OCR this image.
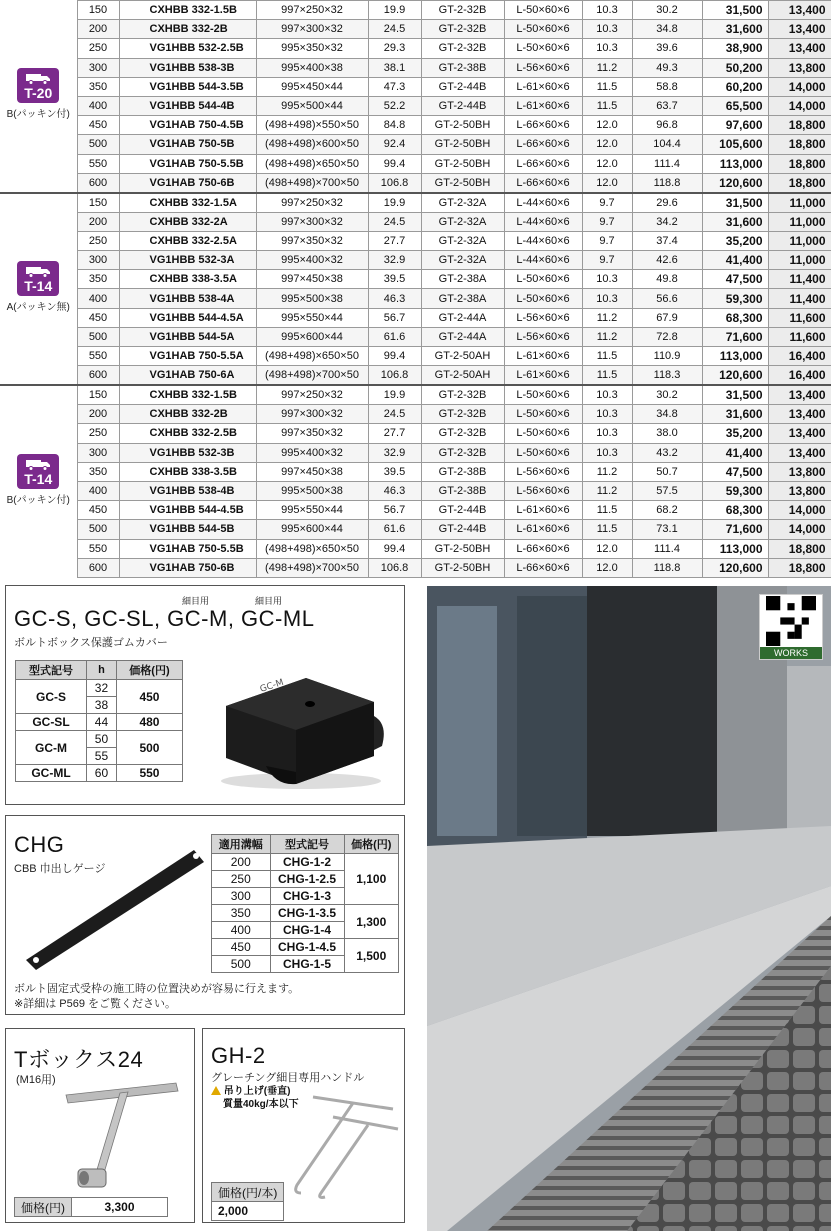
T-20
B(パッキン付)	150	CXHBB 332-1.5B	997×250×32	19.9	GT-2-32B	L-50×60×6	10.3	30.2	31,500	13,400
	200	CXHBB 332-2B	997×300×32	24.5	GT-2-32B	L-50×60×6	10.3	34.8	31,600	13,400
	250	VG1HBB 532-2.5B	995×350×32	29.3	GT-2-32B	L-50×60×6	10.3	39.6	38,900	13,400
	300	VG1HBB 538-3B	995×400×38	38.1	GT-2-38B	L-56×60×6	11.2	49.3	50,200	13,800
	350	VG1HBB 544-3.5B	995×450×44	47.3	GT-2-44B	L-61×60×6	11.5	58.8	60,200	14,000
	400	VG1HBB 544-4B	995×500×44	52.2	GT-2-44B	L-61×60×6	11.5	63.7	65,500	14,000
	450	VG1HAB 750-4.5B	(498+498)×550×50	84.8	GT-2-50BH	L-66×60×6	12.0	96.8	97,600	18,800
	500	VG1HAB 750-5B	(498+498)×600×50	92.4	GT-2-50BH	L-66×60×6	12.0	104.4	105,600	18,800
	550	VG1HAB 750-5.5B	(498+498)×650×50	99.4	GT-2-50BH	L-66×60×6	12.0	111.4	113,000	18,800
	600	VG1HAB 750-6B	(498+498)×700×50	106.8	GT-2-50BH	L-66×60×6	12.0	118.8	120,600	18,800

T-14
A(パッキン無)	150	CXHBB 332-1.5A	997×250×32	19.9	GT-2-32A	L-44×60×6	9.7	29.6	31,500	11,000
	200	CXHBB 332-2A	997×300×32	24.5	GT-2-32A	L-44×60×6	9.7	34.2	31,600	11,000
	250	CXHBB 332-2.5A	997×350×32	27.7	GT-2-32A	L-44×60×6	9.7	37.4	35,200	11,000
	300	VG1HBB 532-3A	995×400×32	32.9	GT-2-32A	L-44×60×6	9.7	42.6	41,400	11,000
	350	CXHBB 338-3.5A	997×450×38	39.5	GT-2-38A	L-50×60×6	10.3	49.8	47,500	11,400
	400	VG1HBB 538-4A	995×500×38	46.3	GT-2-38A	L-50×60×6	10.3	56.6	59,300	11,400
	450	VG1HBB 544-4.5A	995×550×44	56.7	GT-2-44A	L-56×60×6	11.2	67.9	68,300	11,600
	500	VG1HBB 544-5A	995×600×44	61.6	GT-2-44A	L-56×60×6	11.2	72.8	71,600	11,600
	550	VG1HAB 750-5.5A	(498+498)×650×50	99.4	GT-2-50AH	L-61×60×6	11.5	110.9	113,000	16,400
	600	VG1HAB 750-6A	(498+498)×700×50	106.8	GT-2-50AH	L-61×60×6	11.5	118.3	120,600	16,400

T-14
B(パッキン付)	150	CXHBB 332-1.5B	997×250×32	19.9	GT-2-32B	L-50×60×6	10.3	30.2	31,500	13,400
	200	CXHBB 332-2B	997×300×32	24.5	GT-2-32B	L-50×60×6	10.3	34.8	31,600	13,400
	250	CXHBB 332-2.5B	997×350×32	27.7	GT-2-32B	L-50×60×6	10.3	38.0	35,200	13,400
	300	VG1HBB 532-3B	995×400×32	32.9	GT-2-32B	L-50×60×6	10.3	43.2	41,400	13,400
	350	CXHBB 338-3.5B	997×450×38	39.5	GT-2-38B	L-56×60×6	11.2	50.7	47,500	13,800
	400	VG1HBB 538-4B	995×500×38	46.3	GT-2-38B	L-56×60×6	11.2	57.5	59,300	13,800
	450	VG1HBB 544-4.5B	995×550×44	56.7	GT-2-44B	L-61×60×6	11.5	68.2	68,300	14,000
	500	VG1HBB 544-5B	995×600×44	61.6	GT-2-44B	L-61×60×6	11.5	73.1	71,600	14,000
	550	VG1HAB 750-5.5B	(498+498)×650×50	99.4	GT-2-50BH	L-66×60×6	12.0	111.4	113,000	18,800
	600	VG1HAB 750-6B	(498+498)×700×50	106.8	GT-2-50BH	L-66×60×6	12.0	118.8	120,600	18,800
細目用	細目用
GC-S, GC-SL, GC-M, GC-ML
ボルトボックス保護ゴムカバー
型式記号	h	価格(円)
GC-S	32	450
	38	
GC-SL	44	480
GC-M	50	500
	55	
GC-ML	60	550
GC-M
CHG
CBB 巾出しゲージ
適用溝幅	型式記号	価格(円)
200	CHG-1-2	1,100
250	CHG-1-2.5	
300	CHG-1-3	
350	CHG-1-3.5	1,300
400	CHG-1-4	
450	CHG-1-4.5	1,500
500	CHG-1-5	
ボルト固定式受枠の施工時の位置決めが容易に行えます。
※詳細は P569 をご覧ください。
Tボックス24
(M16用)
価格(円)	3,300
GH-2
グレーチング細目専用ハンドル
吊り上げ(垂直)
質量40kg/本以下
価格(円/本)
2,000
WORKS
